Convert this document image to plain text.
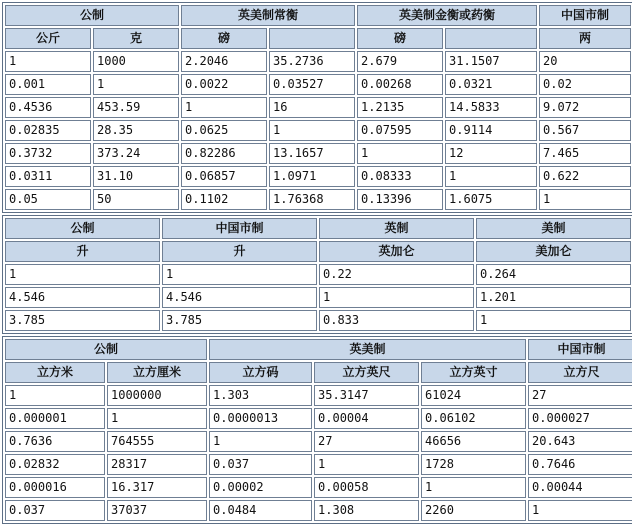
公制		英美制常衡		英美制金衡或药衡		中国市制
公斤	克	磅		磅		两
1	1000	2.2046	35.2736	2.679	31.1507	20
0.001	1	0.0022	0.03527	0.00268	0.0321	0.02
0.4536	453.59	1	16	1.2135	14.5833	9.072
0.02835	28.35	0.0625	1	0.07595	0.9114	0.567
0.3732	373.24	0.82286	13.1657	1	12	7.465
0.0311	31.10	0.06857	1.0971	0.08333	1	0.622
0.05	50	0.1102	1.76368	0.13396	1.6075	1
公制	中国市制	英制	美制
升	升	英加仑	美加仑
1	1	0.22	0.264
4.546	4.546	1	1.201
3.785	3.785	0.833	1
公制		英美制			中国市制
立方米	立方厘米	立方码	立方英尺	立方英寸	立方尺
1	1000000	1.303	35.3147	61024	27
0.000001	1	0.0000013	0.00004	0.06102	0.000027
0.7636	764555	1	27	46656	20.643
0.02832	28317	0.037	1	1728	0.7646
0.000016	16.317	0.00002	0.00058	1	0.00044
0.037	37037	0.0484	1.308	2260	1
